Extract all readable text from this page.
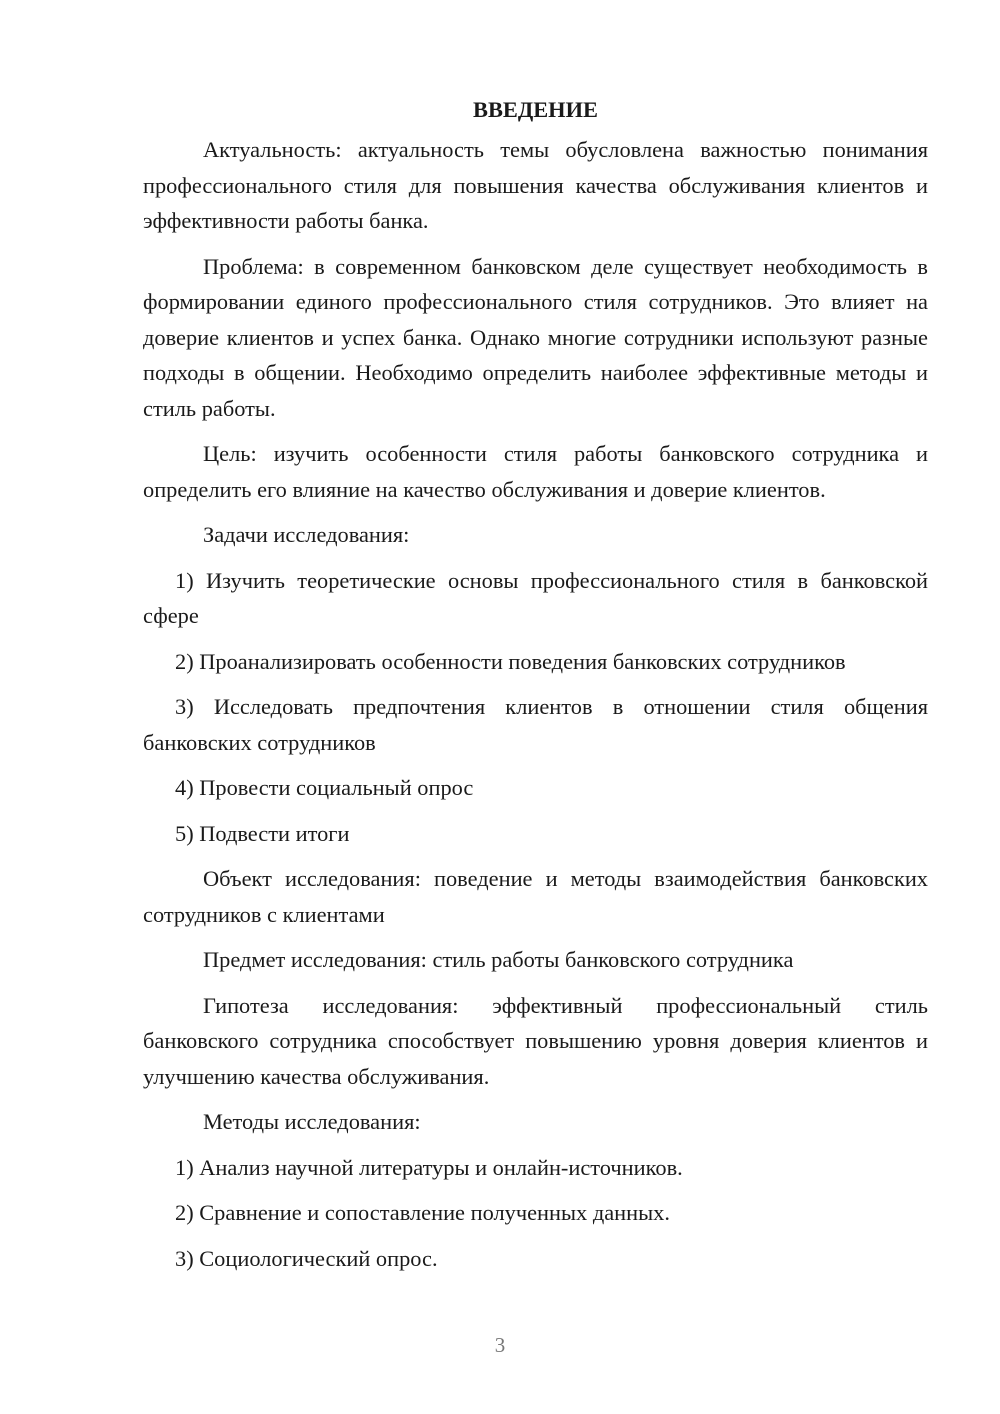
ВВЕДЕНИЕ

Актуальность: актуальность темы обусловлена важностью понимания профессионального стиля для повышения качества обслуживания клиентов и эффективности работы банка.

Проблема: в современном банковском деле существует необходимость в формировании единого профессионального стиля сотрудников. Это влияет на доверие клиентов и успех банка. Однако многие сотрудники используют разные подходы в общении. Необходимо определить наиболее эффективные методы и стиль работы.

Цель: изучить особенности стиля работы банковского сотрудника и определить его влияние на качество обслуживания и доверие клиентов.

Задачи исследования:

1) Изучить теоретические основы профессионального стиля в банковской сфере

2) Проанализировать особенности поведения банковских сотрудников

3) Исследовать предпочтения клиентов в отношении стиля общения банковских сотрудников

4) Провести социальный опрос

5) Подвести итоги

Объект исследования: поведение и методы взаимодействия банковских сотрудников с клиентами

Предмет исследования: стиль работы банковского сотрудника

Гипотеза исследования: эффективный профессиональный стиль банковского сотрудника способствует повышению уровня доверия клиентов и улучшению качества обслуживания.

Методы исследования:

1) Анализ научной литературы и онлайн-источников.

2) Сравнение и сопоставление полученных данных.

3) Социологический опрос.

3
